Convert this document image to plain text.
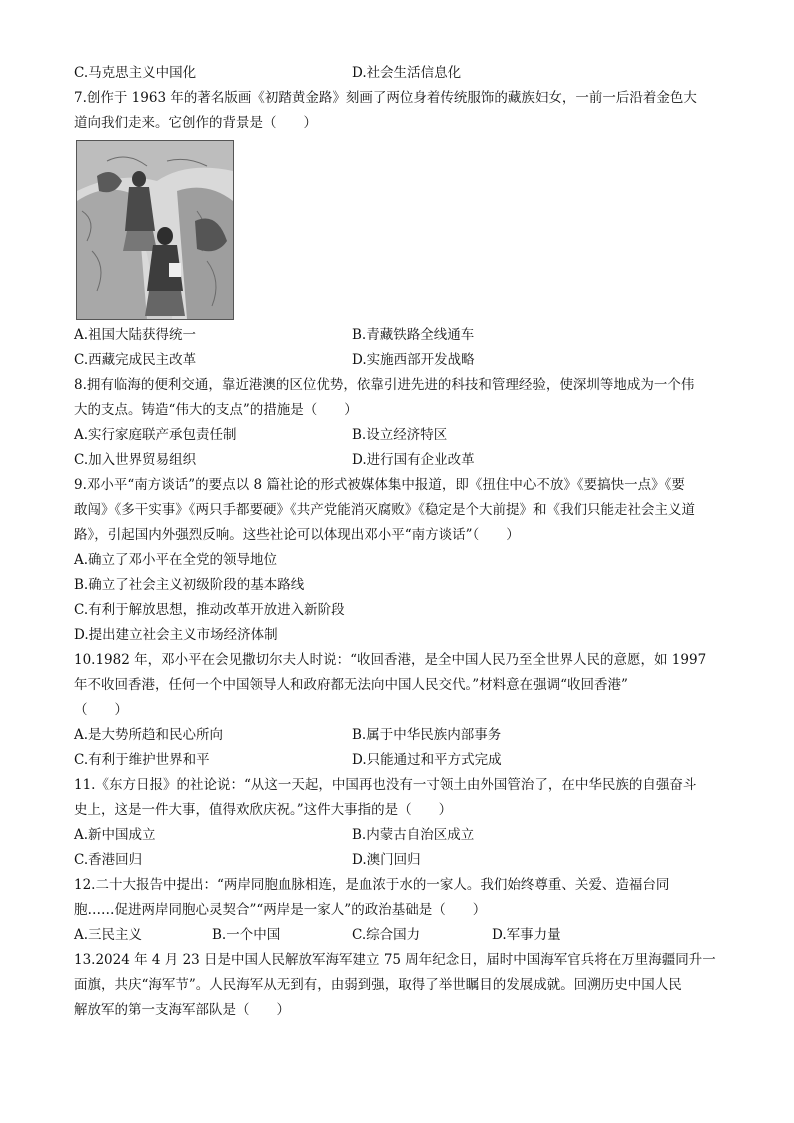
C.马克思主义中国化	D.社会生活信息化
7.创作于 1963 年的著名版画《初踏黄金路》刻画了两位身着传统服饰的藏族妇女，一前一后沿着金色大
道向我们走来。它创作的背景是（　　）
A.祖国大陆获得统一	B.青藏铁路全线通车
C.西藏完成民主改革	D.实施西部开发战略
8.拥有临海的便利交通，靠近港澳的区位优势，依靠引进先进的科技和管理经验，使深圳等地成为一个伟
大的支点。铸造“伟大的支点”的措施是（　　）
A.实行家庭联产承包责任制	B.设立经济特区
C.加入世界贸易组织	D.进行国有企业改革
9.邓小平“南方谈话”的要点以 8 篇社论的形式被媒体集中报道，即《扭住中心不放》《要搞快一点》《要
敢闯》《多干实事》《两只手都要硬》《共产党能消灭腐败》《稳定是个大前提》和《我们只能走社会主义道
路》，引起国内外强烈反响。这些社论可以体现出邓小平“南方谈话”（　　）
A.确立了邓小平在全党的领导地位
B.确立了社会主义初级阶段的基本路线
C.有利于解放思想，推动改革开放进入新阶段
D.提出建立社会主义市场经济体制
10.1982 年，邓小平在会见撒切尔夫人时说：“收回香港，是全中国人民乃至全世界人民的意愿，如 1997
年不收回香港，任何一个中国领导人和政府都无法向中国人民交代。”材料意在强调“收回香港”
（　　）
A.是大势所趋和民心所向	B.属于中华民族内部事务
C.有利于维护世界和平	D.只能通过和平方式完成
11.《东方日报》的社论说：“从这一天起，中国再也没有一寸领土由外国管治了，在中华民族的自强奋斗
史上，这是一件大事，值得欢欣庆祝。”这件大事指的是（　　）
A.新中国成立	B.内蒙古自治区成立
C.香港回归	D.澳门回归
12.二十大报告中提出：“两岸同胞血脉相连，是血浓于水的一家人。我们始终尊重、关爱、造福台同
胞……促进两岸同胞心灵契合”“两岸是一家人”的政治基础是（　　）
A.三民主义	B.一个中国	C.综合国力	D.军事力量
13.2024 年 4 月 23 日是中国人民解放军海军建立 75 周年纪念日，届时中国海军官兵将在万里海疆同升一
面旗，共庆“海军节”。人民海军从无到有，由弱到强，取得了举世瞩目的发展成就。回溯历史中国人民
解放军的第一支海军部队是（　　）
